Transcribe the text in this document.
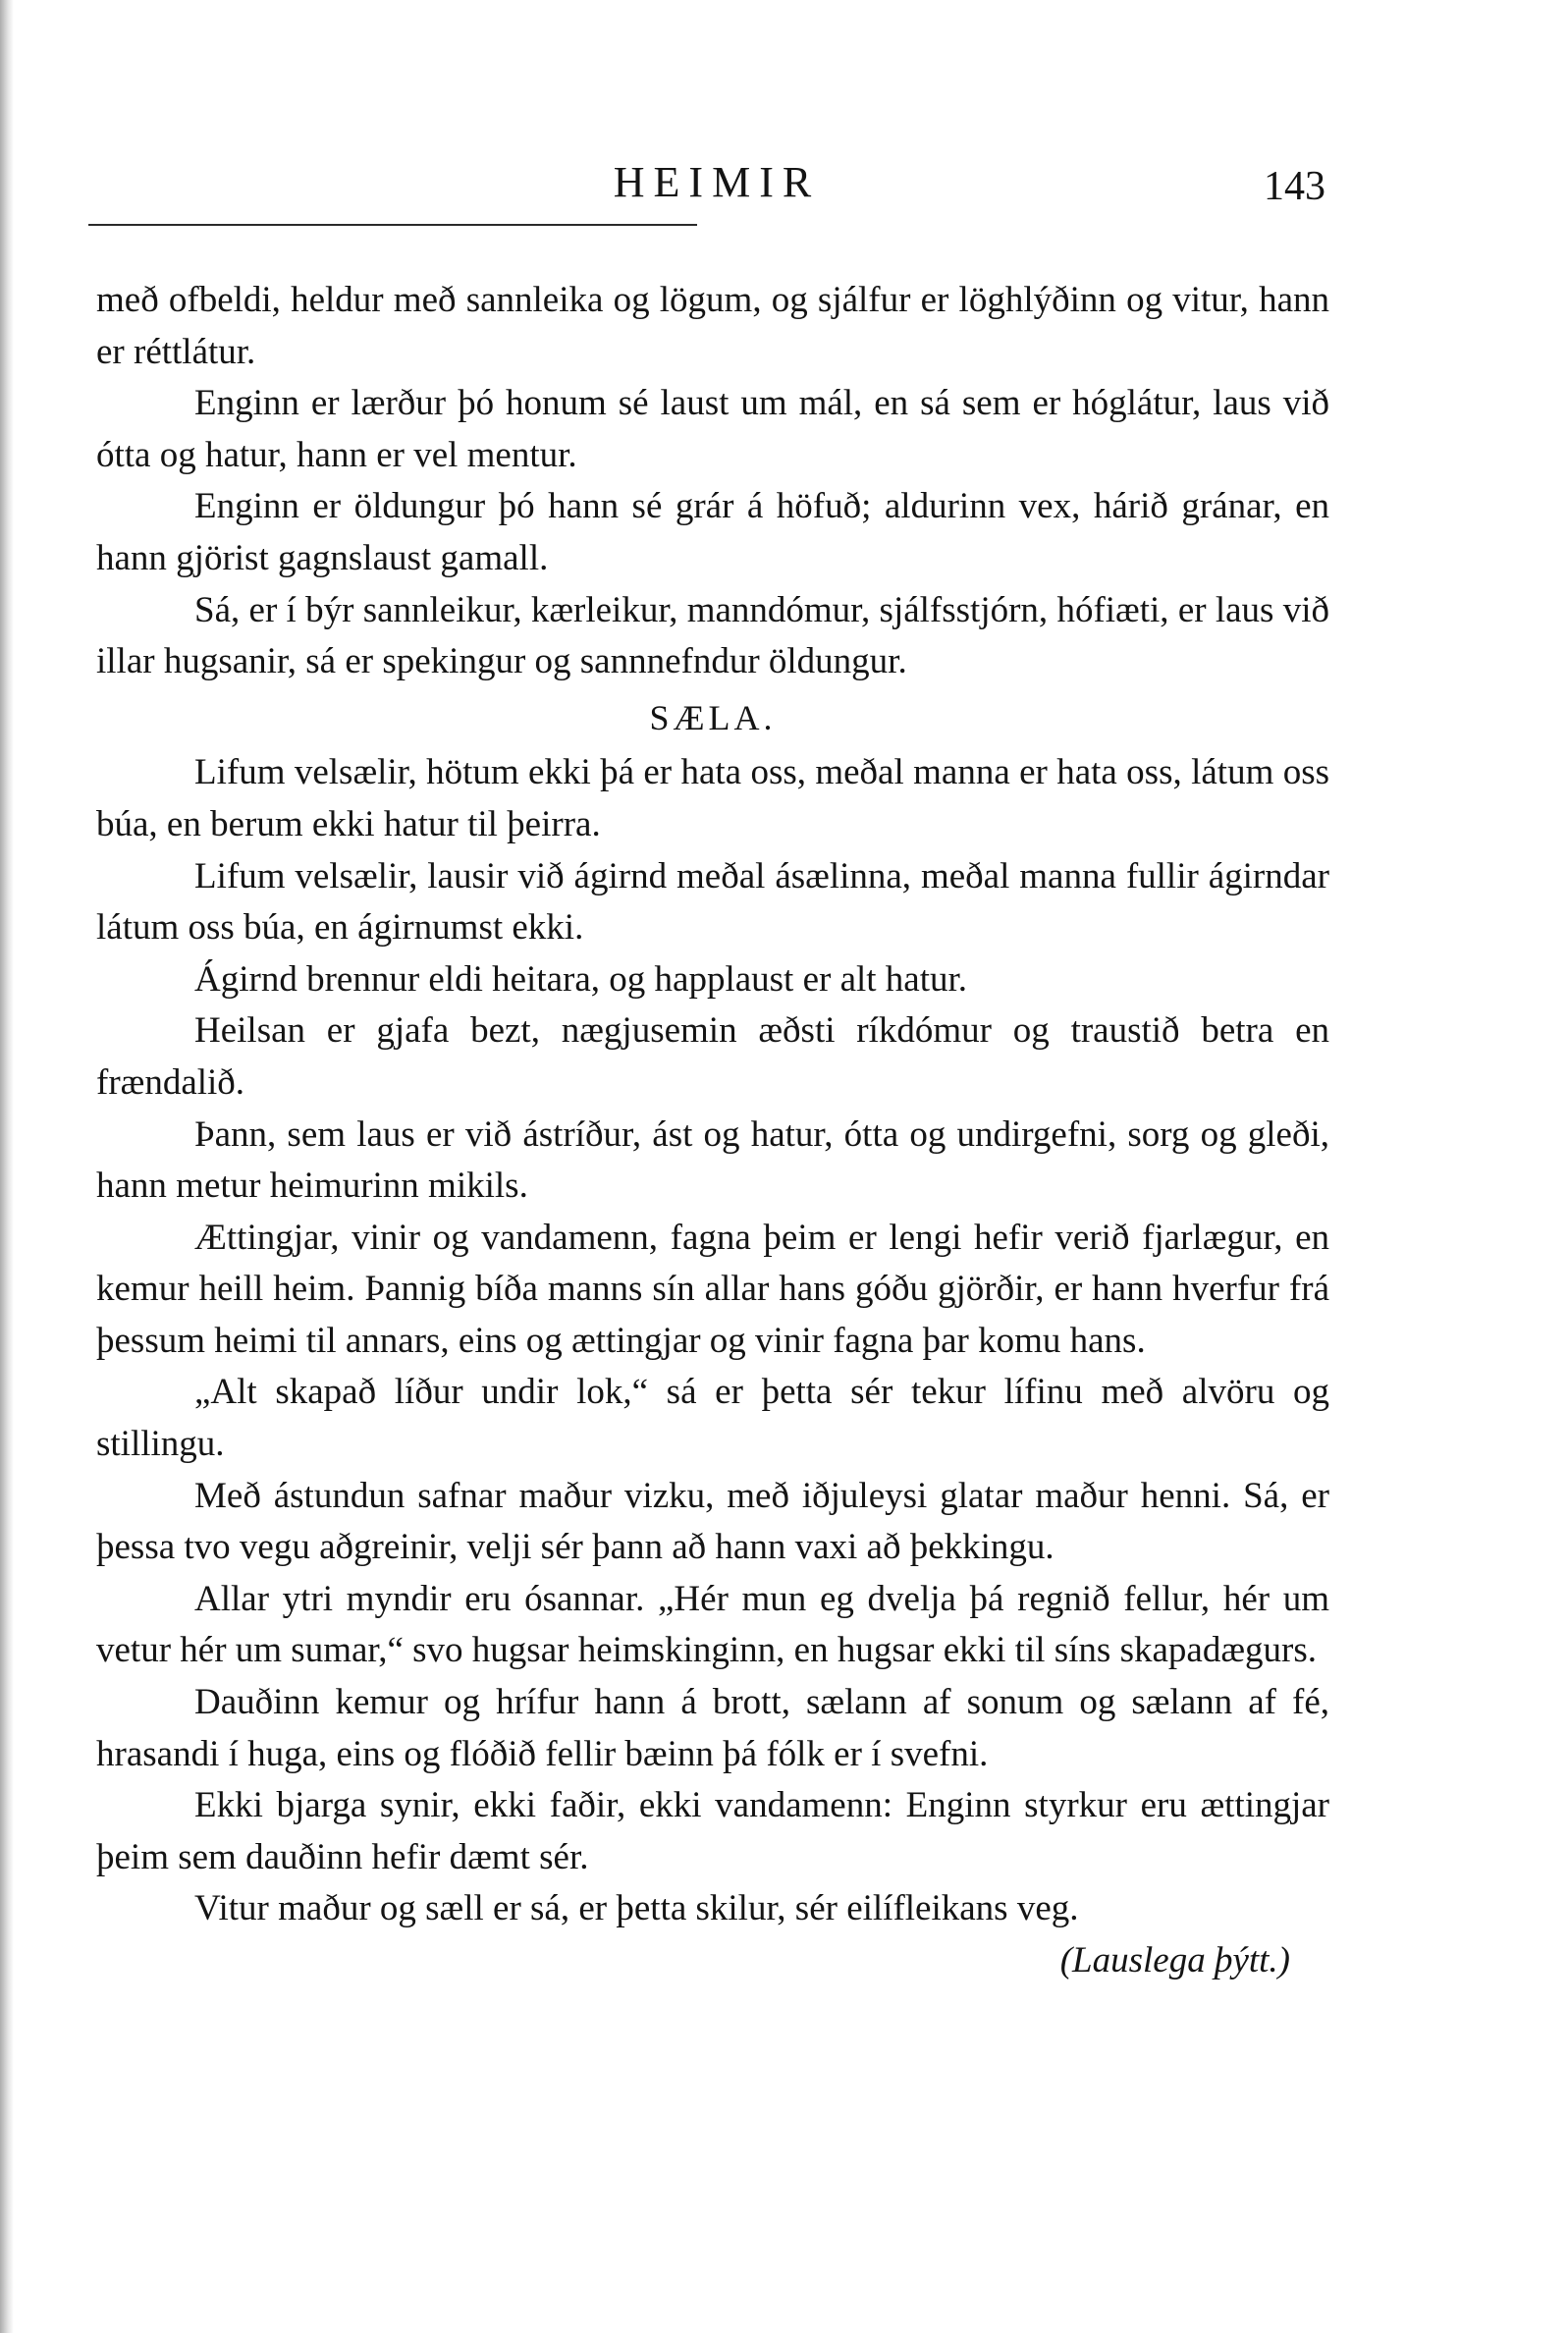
HEIMIR	143

með ofbeldi, heldur með sannleika og lögum, og sjálfur er löghlýðinn og vitur, hann er réttlátur.

Enginn er lærður þó honum sé laust um mál, en sá sem er hóglátur, laus við ótta og hatur, hann er vel mentur.

Enginn er öldungur þó hann sé grár á höfuð; aldurinn vex, hárið gránar, en hann gjörist gagnslaust gamall.

Sá, er í býr sannleikur, kærleikur, manndómur, sjálfsstjórn, hófiæti, er laus við illar hugsanir, sá er spekingur og sannnefndur öldungur.

SÆLA.

Lifum velsælir, hötum ekki þá er hata oss, meðal manna er hata oss, látum oss búa, en berum ekki hatur til þeirra.

Lifum velsælir, lausir við ágirnd meðal ásælinna, meðal manna fullir ágirndar látum oss búa, en ágirnumst ekki.

Ágirnd brennur eldi heitara, og happlaust er alt hatur.

Heilsan er gjafa bezt, nægjusemin æðsti ríkdómur og traustið betra en frændalið.

Þann, sem laus er við ástríður, ást og hatur, ótta og undirgefni, sorg og gleði, hann metur heimurinn mikils.

Ættingjar, vinir og vandamenn, fagna þeim er lengi hefir verið fjarlægur, en kemur heill heim. Þannig bíða manns sín allar hans góðu gjörðir, er hann hverfur frá þessum heimi til annars, eins og ættingjar og vinir fagna þar komu hans.

„Alt skapað líður undir lok,“ sá er þetta sér tekur lífinu með alvöru og stillingu.

Með ástundun safnar maður vizku, með iðjuleysi glatar maður henni. Sá, er þessa tvo vegu aðgreinir, velji sér þann að hann vaxi að þekkingu.

Allar ytri myndir eru ósannar. „Hér mun eg dvelja þá regnið fellur, hér um vetur hér um sumar,“ svo hugsar heimskinginn, en hugsar ekki til síns skapadægurs.

Dauðinn kemur og hrífur hann á brott, sælann af sonum og sælann af fé, hrasandi í huga, eins og flóðið fellir bæinn þá fólk er í svefni.

Ekki bjarga synir, ekki faðir, ekki vandamenn: Enginn styrkur eru ættingjar þeim sem dauðinn hefir dæmt sér.

Vitur maður og sæll er sá, er þetta skilur, sér eilífleikans veg.

(Lauslega þýtt.)
